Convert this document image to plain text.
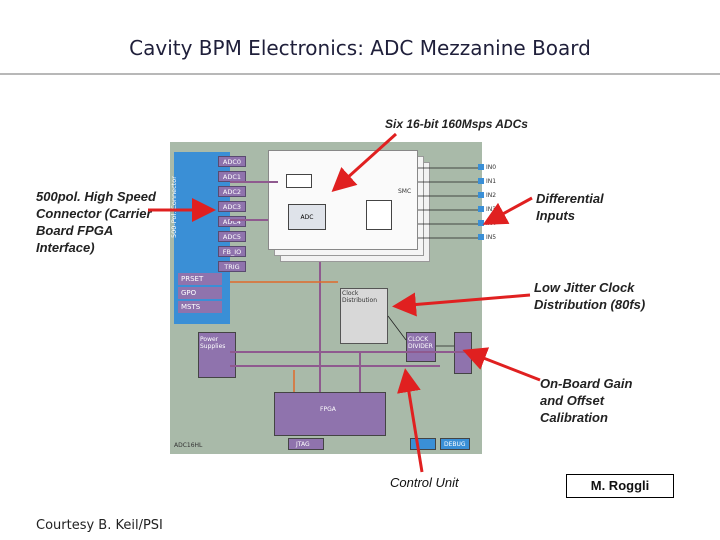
Cavity BPM Electronics: ADC Mezzanine Board
Six 16-bit 160Msps ADCs
500pol. High Speed Connector (Carrier Board FPGA Interface)
Differential Inputs
Low Jitter Clock Distribution (80fs)
On-Board Gain and Offset Calibration
Control Unit
500-Pol. Connector
ADC0
ADC1
ADC2
ADC3
ADC4
ADC5
FB_IO
TRIG
PRSET
GPO
MSTS
ADC
SMC
IN0
IN1
IN2
IN3
IN4
IN5
Clock Distribution
CLOCK DIVIDER
Power Supplies
FPGA
JTAG	DEBUG
ADC16HL
M. Roggli
Courtesy B. Keil/PSI
